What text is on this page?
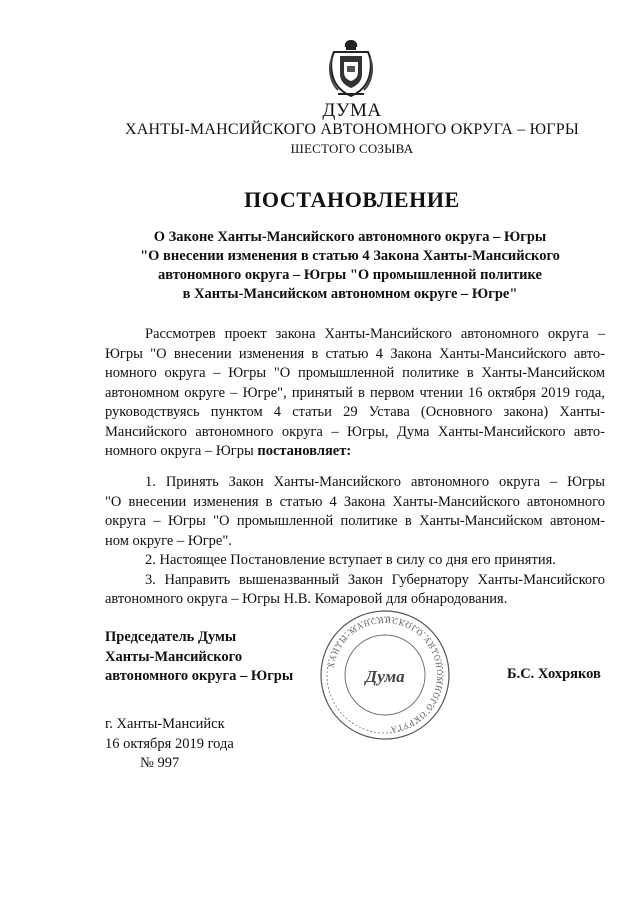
ДУМА
ХАНТЫ-МАНСИЙСКОГО АВТОНОМНОГО ОКРУГА – ЮГРЫ
ШЕСТОГО СОЗЫВА
ПОСТАНОВЛЕНИЕ
О Законе Ханты-Мансийского автономного округа – Югры
"О внесении изменения в статью 4 Закона Ханты-Мансийского
автономного округа – Югры "О промышленной политике
в Ханты-Мансийском автономном округе – Югре"
Рассмотрев проект закона Ханты-Мансийского автономного округа –
Югры "О внесении изменения в статью 4 Закона Ханты-Мансийского авто-
номного округа – Югры "О промышленной политике в Ханты-Мансийском
автономном округе – Югре", принятый в первом чтении 16 октября 2019 года,
руководствуясь пунктом 4 статьи 29 Устава (Основного закона) Ханты-
Мансийского автономного округа – Югры, Дума Ханты-Мансийского авто-
номного округа – Югры постановляет:
1. Принять Закон Ханты-Мансийского автономного округа – Югры
"О внесении изменения в статью 4 Закона Ханты-Мансийского автономного
округа – Югры "О промышленной политике в Ханты-Мансийском автоном-
ном округе – Югре".
2. Настоящее Постановление вступает в силу со дня его принятия.
3. Направить вышеназванный Закон Губернатору Ханты-Мансийского
автономного округа – Югры Н.В. Комаровой для обнародования.
ХАНТЫ-МАНСИЙСКОГО АВТОНОМНОГО ОКРУГА
Дума
Председатель Думы
Ханты-Мансийского
автономного округа – Югры	Б.С. Хохряков
г. Ханты-Мансийск
16 октября 2019 года
№ 997
